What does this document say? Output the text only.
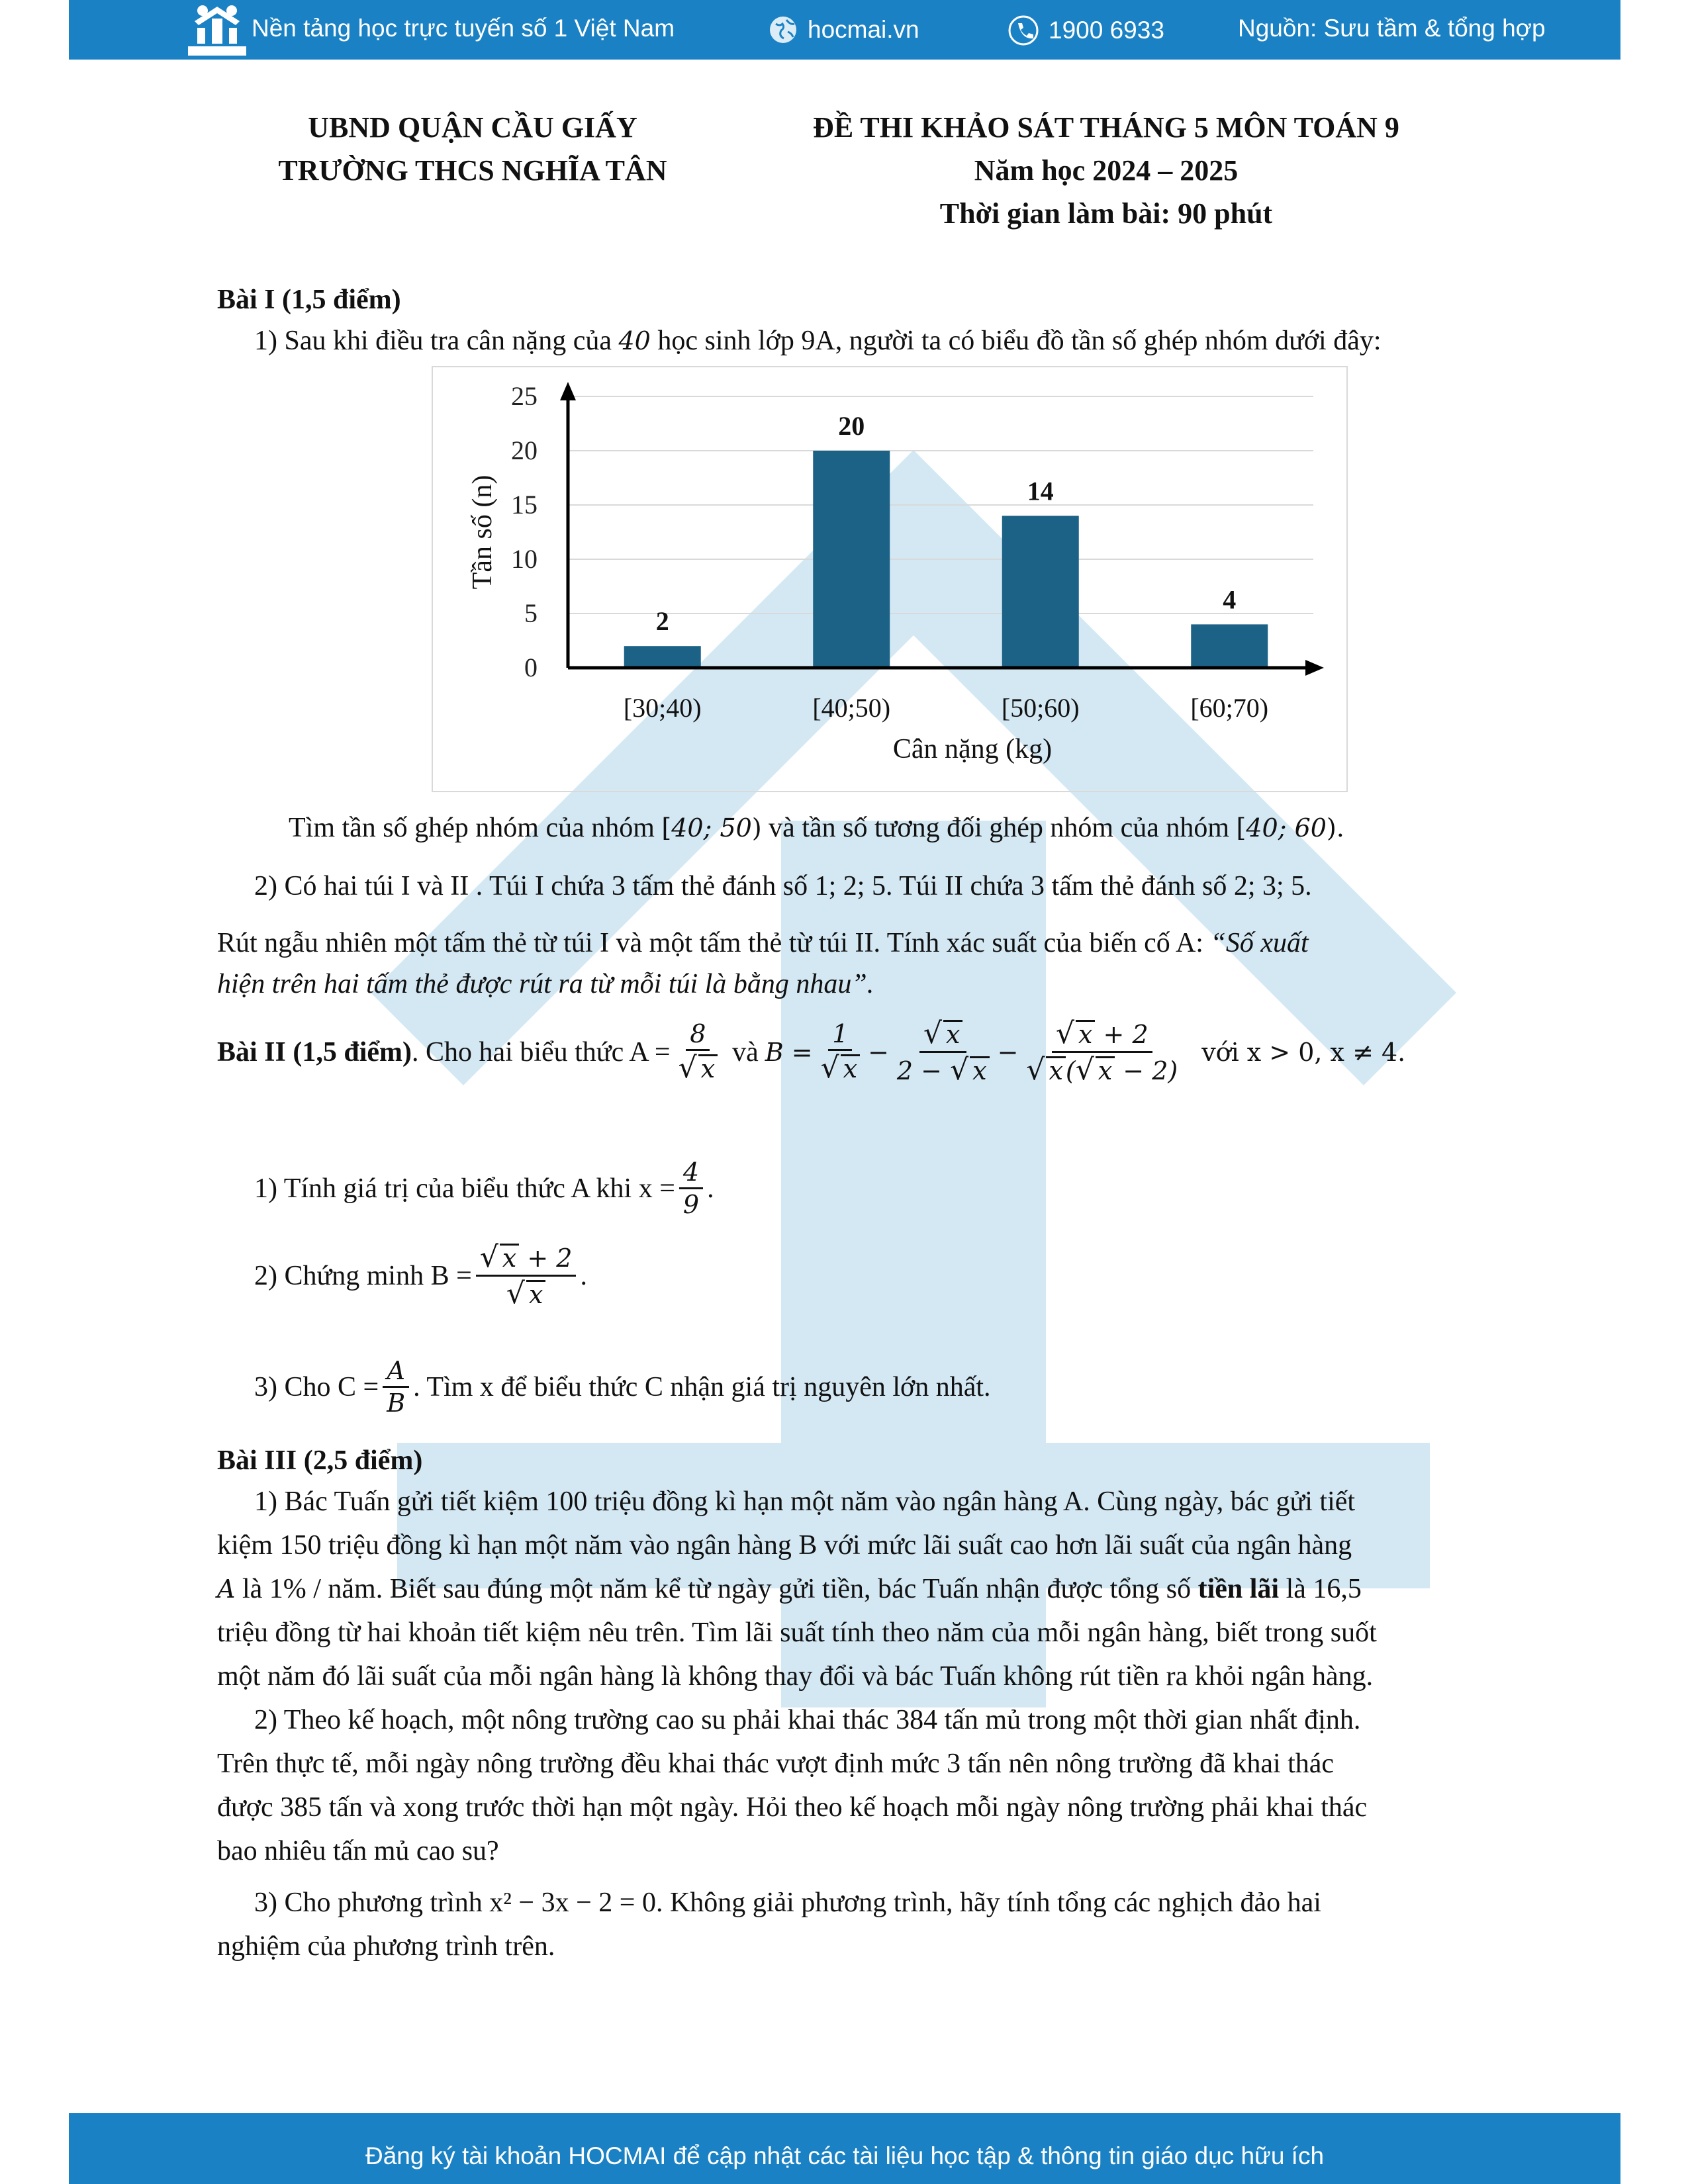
Nền tảng học trực tuyến số 1 Việt Nam	hocmai.vn	1900 6933	Nguồn: Sưu tầm & tổng hợp
UBND QUẬN CẦU GIẤY
TRƯỜNG THCS NGHĨA TÂN
ĐỀ THI KHẢO SÁT THÁNG 5 MÔN TOÁN 9
Năm học 2024 – 2025
Thời gian làm bài: 90 phút
Bài I (1,5 điểm)
1) Sau khi điều tra cân nặng của 40 học sinh lớp 9A, người ta có biểu đồ tần số ghép nhóm dưới đây:
0
5
10
15
20
25
2
[30;40)
20
[40;50)
14
[50;60)
4
[60;70)
Cân nặng (kg)
Tần số (n)
Tìm tần số ghép nhóm của nhóm [40; 50) và tần số tương đối ghép nhóm của nhóm [40; 60).
2) Có hai túi I và II . Túi I chứa 3 tấm thẻ đánh số 1; 2; 5. Túi II chứa 3 tấm thẻ đánh số 2; 3; 5.
Rút ngẫu nhiên một tấm thẻ từ túi I và một tấm thẻ từ túi II. Tính xác suất của biến cố A: “Số xuất
hiện trên hai tấm thẻ được rút ra từ mỗi túi là bằng nhau”.
Bài II (1,5 điểm) . Cho hai biểu thức $A = \frac{8}{√ x}$ và $B = \frac{1}{√ x} - \frac{√ x}{2 - √ x} - \frac{√ x + 2}{√ x (√ x - 2)}$ với x > 0, x ≠ 4.
1) Tính giá trị của biểu thức A khi $x = \frac{4}{9}$ .
2) Chứng minh $B = \frac{√ x + 2}{√ x}$ .
3) Cho $C = \frac{A}{B}$ . Tìm x để biểu thức C nhận giá trị nguyên lớn nhất.
Bài III (2,5 điểm)
1) Bác Tuấn gửi tiết kiệm 100 triệu đồng kì hạn một năm vào ngân hàng A. Cùng ngày, bác gửi tiết
kiệm 150 triệu đồng kì hạn một năm vào ngân hàng B với mức lãi suất cao hơn lãi suất của ngân hàng
A là 1% / năm. Biết sau đúng một năm kể từ ngày gửi tiền, bác Tuấn nhận được tổng số tiền lãi là 16,5
triệu đồng từ hai khoản tiết kiệm nêu trên. Tìm lãi suất tính theo năm của mỗi ngân hàng, biết trong suốt
một năm đó lãi suất của mỗi ngân hàng là không thay đổi và bác Tuấn không rút tiền ra khỏi ngân hàng.
2) Theo kế hoạch, một nông trường cao su phải khai thác 384 tấn mủ trong một thời gian nhất định.
Trên thực tế, mỗi ngày nông trường đều khai thác vượt định mức 3 tấn nên nông trường đã khai thác
được 385 tấn và xong trước thời hạn một ngày. Hỏi theo kế hoạch mỗi ngày nông trường phải khai thác
bao nhiêu tấn mủ cao su?
3) Cho phương trình x² − 3x − 2 = 0. Không giải phương trình, hãy tính tổng các nghịch đảo hai
nghiệm của phương trình trên.
Đăng ký tài khoản HOCMAI để cập nhật các tài liệu học tập & thông tin giáo dục hữu ích
